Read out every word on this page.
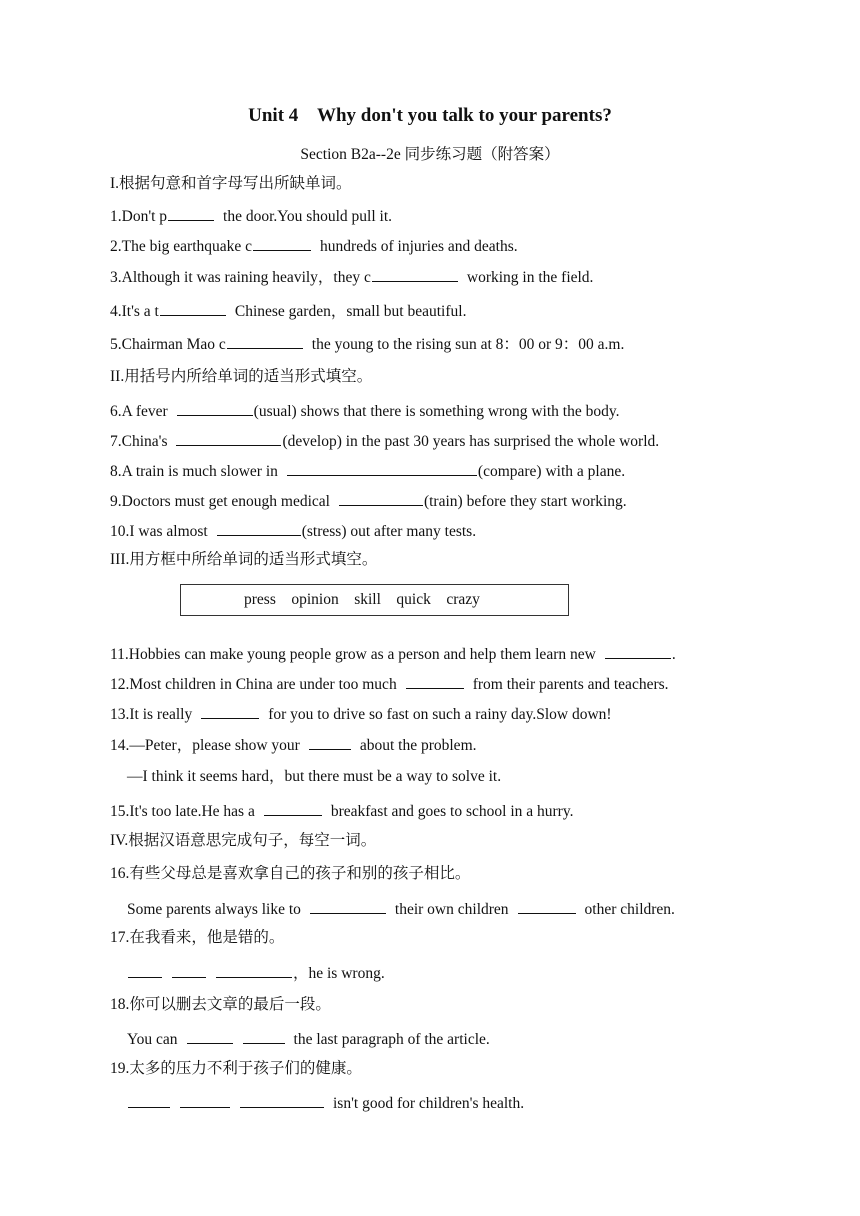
Unit 4    Why don't you talk to your parents?
Section B2a--2e 同步练习题（附答案）
I.根据句意和首字母写出所缺单词。
1.Don't p	the door.You should pull it.
2.The big earthquake c	hundreds of injuries and deaths.
3.Although it was raining heavily，they c	working in the field.
4.It's a t	Chinese garden，small but beautiful.
5.Chairman Mao c	the young to the rising sun at 8：00 or 9：00 a.m.
II.用括号内所给单词的适当形式填空。
6.A fever	(usual) shows that there is something wrong with the body.
7.China's	(develop) in the past 30 years has surprised the whole world.
8.A train is much slower in	(compare) with a plane.
9.Doctors must get enough medical	(train) before they start working.
10.I was almost	(stress) out after many tests.
III.用方框中所给单词的适当形式填空。
press    opinion    skill    quick    crazy
11.Hobbies can make young people grow as a person and help them learn new	.
12.Most children in China are under too much	from their parents and teachers.
13.It is really	for you to drive so fast on such a rainy day.Slow down!
14.—Peter，please show your	about the problem.
—I think it seems hard，but there must be a way to solve it.
15.It's too late.He has a	breakfast and goes to school in a hurry.
IV.根据汉语意思完成句子，每空一词。
16.有些父母总是喜欢拿自己的孩子和别的孩子相比。
Some parents always like to	their own children	other children.
17.在我看来，他是错的。
，he is wrong.
18.你可以删去文章的最后一段。
You can	the last paragraph of the article.
19.太多的压力不利于孩子们的健康。
isn't good for children's health.
